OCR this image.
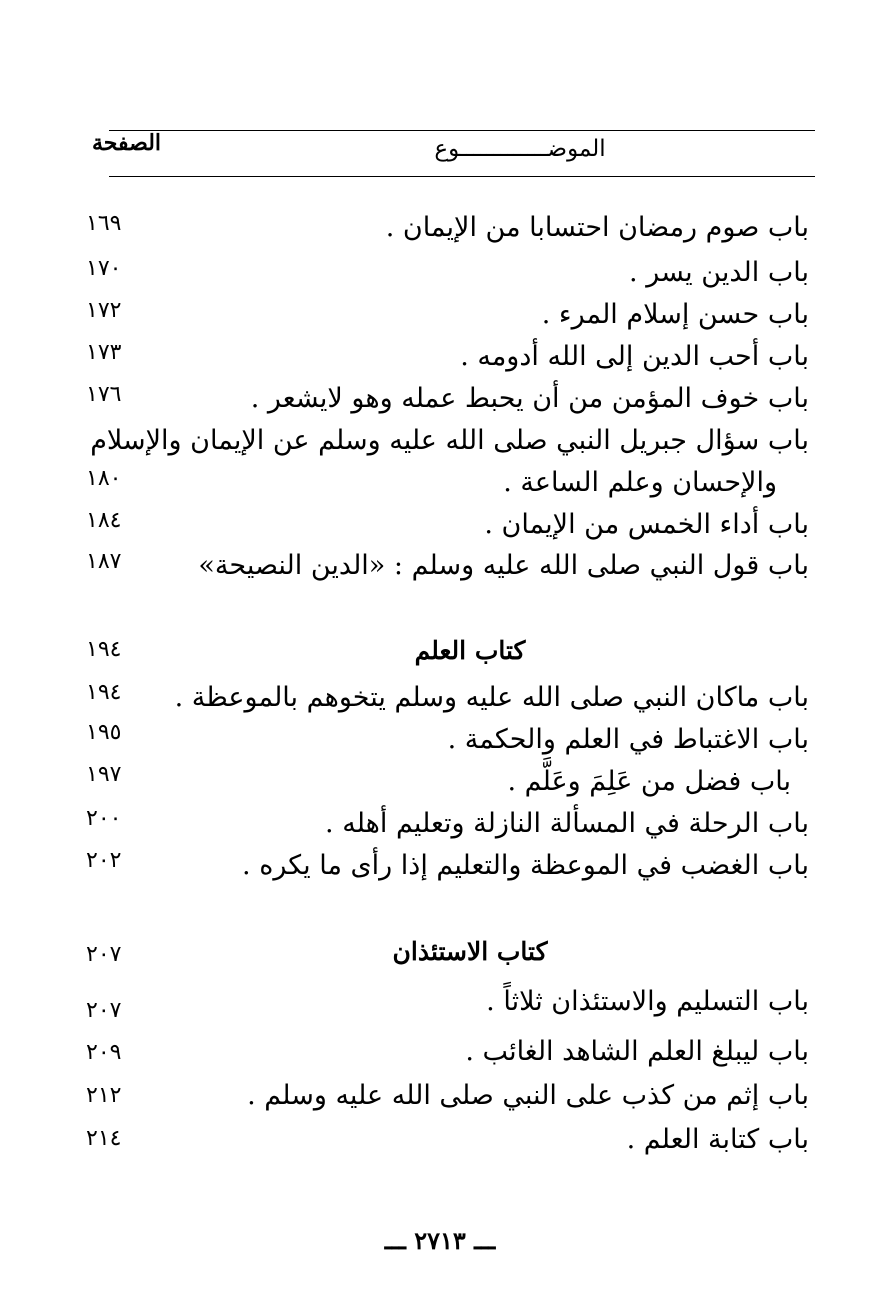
الموضـــــــــــــوع
الصفحة
باب صوم رمضان احتسابا من الإيمان .
١٦٩
باب الدين يسر .
١٧٠
باب حسن إسلام المرء .
١٧٢
باب أحب الدين إلى الله أدومه .
١٧٣
باب خوف المؤمن من أن يحبط عمله وهو لايشعر .
١٧٦
باب سؤال جبريل النبي صلى الله عليه وسلم عن الإيمان والإسلام
والإحسان وعلم الساعة .
١٨٠
باب أداء الخمس من الإيمان .
١٨٤
باب قول النبي صلى الله عليه وسلم : «الدين النصيحة»
١٨٧
كتاب العلم
١٩٤
باب ماكان النبي صلى الله عليه وسلم يتخوهم بالموعظة .
١٩٤
باب الاغتباط في العلم والحكمة .
١٩٥
باب فضل من عَلِمَ وعَلَّم .
١٩٧
باب الرحلة في المسألة النازلة وتعليم أهله .
٢٠٠
باب الغضب في الموعظة والتعليم إذا رأى ما يكره .
٢٠٢
كتاب الاستئذان
٢٠٧
باب التسليم والاستئذان ثلاثاً .
٢٠٧
باب ليبلغ العلم الشاهد الغائب .
٢٠٩
باب إثم من كذب على النبي صلى الله عليه وسلم .
٢١٢
باب كتابة العلم .
٢١٤
ـــ ٢٧١٣ ـــ
